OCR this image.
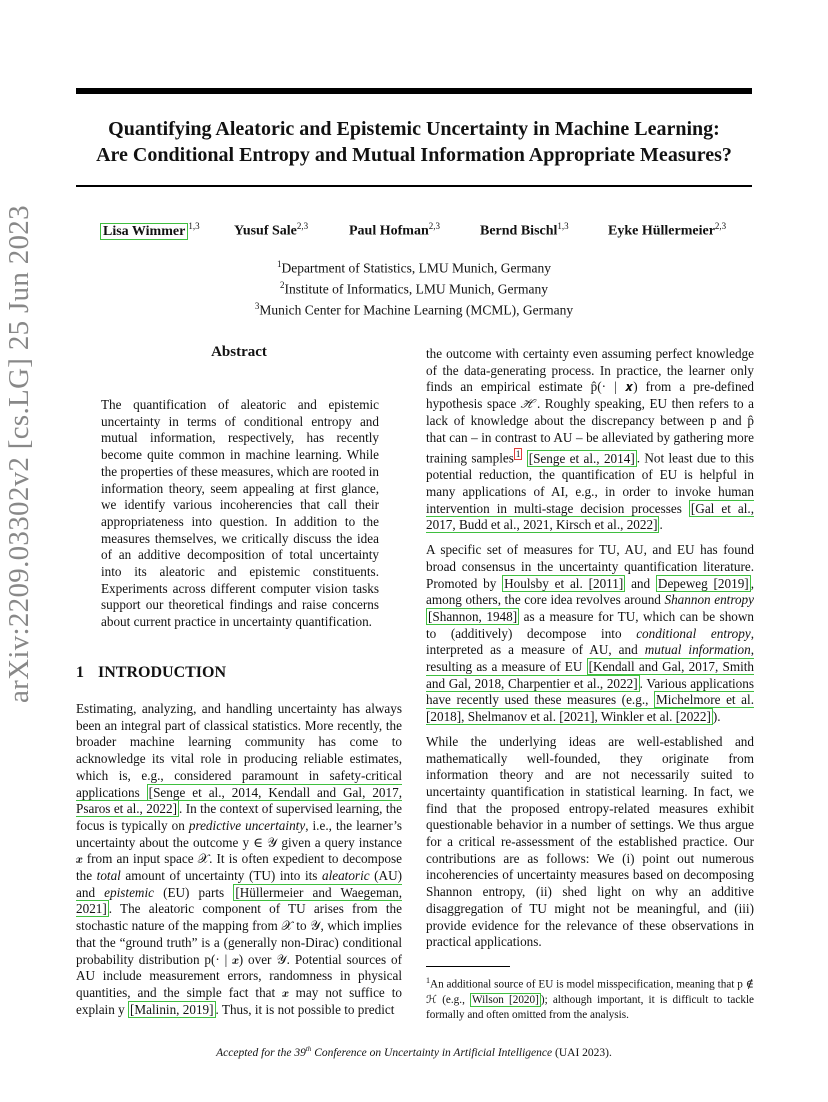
arXiv:2209.03302v2 [cs.LG] 25 Jun 2023
Quantifying Aleatoric and Epistemic Uncertainty in Machine Learning:
Are Conditional Entropy and Mutual Information Appropriate Measures?
Lisa Wimmer $^{1,3}$ Yusuf Sale$^{2,3}$	Paul Hofman$^{2,3}$	Bernd Bischl$^{1,3}$	Eyke Hüllermeier$^{2,3}$
$^1$Department of Statistics, LMU Munich, Germany
$^2$Institute of Informatics, LMU Munich, Germany
$^3$Munich Center for Machine Learning (MCML), Germany
Abstract
The quantification of aleatoric and epistemic uncertainty in terms of conditional entropy and mutual information, respectively, has recently become quite common in machine learning. While the properties of these measures, which are rooted in information theory, seem appealing at first glance, we identify various incoherencies that call their appropriateness into question. In addition to the measures themselves, we critically discuss the idea of an additive decomposition of total uncertainty into its aleatoric and epistemic constituents. Experiments across different computer vision tasks support our theoretical findings and raise concerns about current practice in uncertainty quantification.
1 INTRODUCTION
Estimating, analyzing, and handling uncertainty has always been an integral part of classical statistics. More recently, the broader machine learning community has come to acknowledge its vital role in producing reliable estimates, which is, e.g., considered paramount in safety-critical applications [Senge et al., 2014, Kendall and Gal, 2017, Psaros et al., 2022] . In the context of supervised learning, the focus is typically on predictive uncertainty, i.e., the learner’s uncertainty about the outcome y ∈ 𝒴 given a query instance 𝒙 from an input space 𝒳. It is often expedient to decompose the total amount of uncertainty (TU) into its aleatoric (AU) and epistemic (EU) parts [Hüllermeier and Waegeman, 2021] . The aleatoric component of TU arises from the stochastic nature of the mapping from 𝒳 to 𝒴, which implies that the “ground truth” is a (generally non-Dirac) conditional probability distribution p(· | 𝒙) over 𝒴. Potential sources of AU include measurement errors, randomness in physical quantities, and the simple fact that 𝒙 may not suffice to explain y [Malinin, 2019] . Thus, it is not possible to predict

the outcome with certainty even assuming perfect knowledge of the data-generating process. In practice, the learner only finds an empirical estimate p̂(· | 𝒙) from a pre-defined hypothesis space ℋ. Roughly speaking, EU then refers to a lack of knowledge about the discrepancy between p and p̂ that can – in contrast to AU – be alleviated by gathering more training samples $^1$ [Senge et al., 2014] . Not least due to this potential reduction, the quantification of EU is helpful in many applications of AI, e.g., in order to invoke human intervention in multi-stage decision processes [Gal et al., 2017, Budd et al., 2021, Kirsch et al., 2022] .

A specific set of measures for TU, AU, and EU has found broad consensus in the uncertainty quantification literature. Promoted by Houlsby et al. [2011] and Depeweg [2019] , among others, the core idea revolves around Shannon entropy [Shannon, 1948] as a measure for TU, which can be shown to (additively) decompose into conditional entropy, interpreted as a measure of AU, and mutual information, resulting as a measure of EU [Kendall and Gal, 2017, Smith and Gal, 2018, Charpentier et al., 2022] . Various applications have recently used these measures (e.g., Michelmore et al. [2018], Shelmanov et al. [2021], Winkler et al. [2022] ).

While the underlying ideas are well-established and mathematically well-founded, they originate from information theory and are not necessarily suited to uncertainty quantification in statistical learning. In fact, we find that the proposed entropy-related measures exhibit questionable behavior in a number of settings. We thus argue for a critical re-assessment of the established practice. Our contributions are as follows: We (i) point out numerous incoherencies of uncertainty measures based on decomposing Shannon entropy, (ii) shed light on why an additive disaggregation of TU might not be meaningful, and (iii) provide evidence for the relevance of these observations in practical applications.

$^1$An additional source of EU is model misspecification, meaning that p ∉ ℋ (e.g., Wilson [2020] ); although important, it is difficult to tackle formally and often omitted from the analysis.
Accepted for the 39th Conference on Uncertainty in Artificial Intelligence (UAI 2023).
